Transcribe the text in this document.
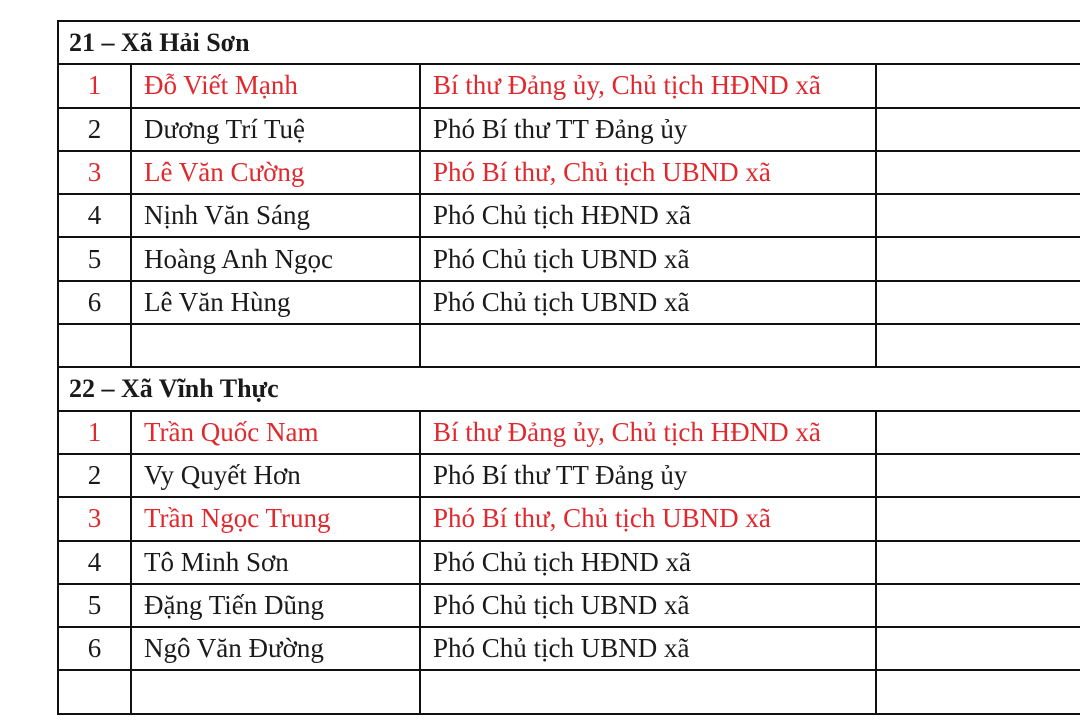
21 – Xã Hải Sơn
1	Đỗ Viết Mạnh	Bí thư Đảng ủy, Chủ tịch HĐND xã
2	Dương Trí Tuệ	Phó Bí thư TT Đảng ủy
3	Lê Văn Cường	Phó Bí thư, Chủ tịch UBND xã
4	Nịnh Văn Sáng	Phó Chủ tịch HĐND xã
5	Hoàng Anh Ngọc	Phó Chủ tịch UBND xã
6	Lê Văn Hùng	Phó Chủ tịch UBND xã
22 – Xã Vĩnh Thực
1	Trần Quốc Nam	Bí thư Đảng ủy, Chủ tịch HĐND xã
2	Vy Quyết Hơn	Phó Bí thư TT Đảng ủy
3	Trần Ngọc Trung	Phó Bí thư, Chủ tịch UBND xã
4	Tô Minh Sơn	Phó Chủ tịch HĐND xã
5	Đặng Tiến Dũng	Phó Chủ tịch UBND xã
6	Ngô Văn Đường	Phó Chủ tịch UBND xã
